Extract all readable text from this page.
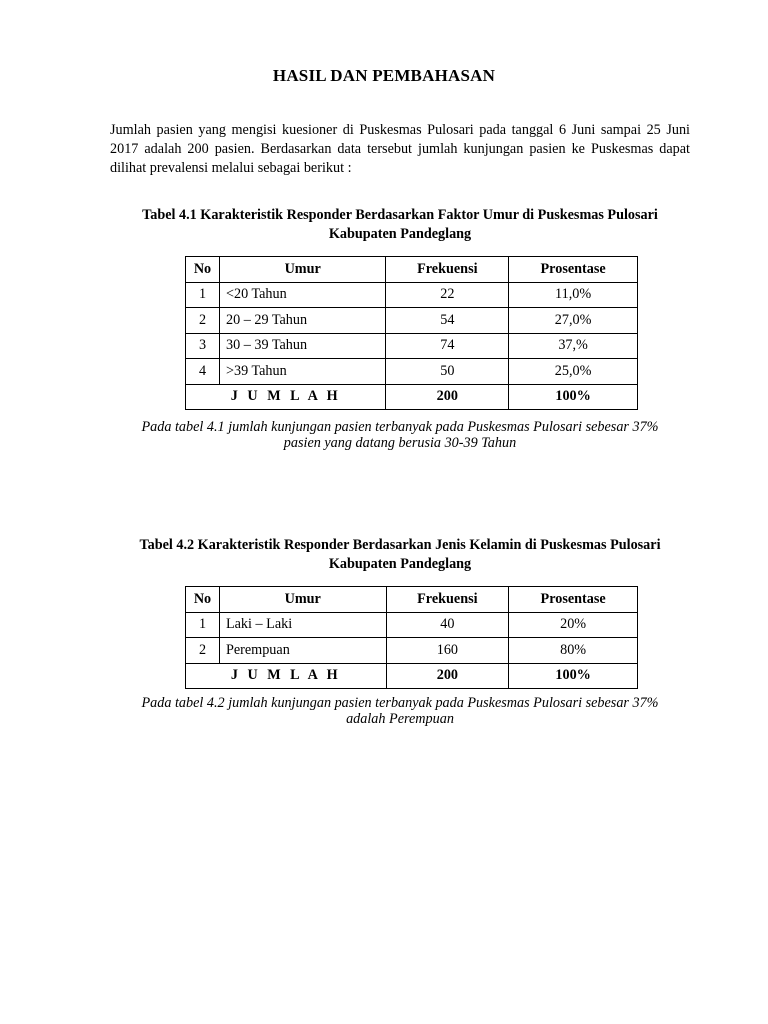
HASIL DAN PEMBAHASAN
Jumlah pasien yang mengisi kuesioner di Puskesmas Pulosari pada tanggal 6 Juni sampai 25 Juni 2017 adalah 200 pasien. Berdasarkan data tersebut jumlah kunjungan pasien ke Puskesmas dapat dilihat prevalensi melalui sebagai berikut :
Tabel 4.1 Karakteristik Responder Berdasarkan Faktor Umur di Puskesmas Pulosari
Kabupaten Pandeglang
No	Umur	Frekuensi	Prosentase
1	<20 Tahun	22	11,0%
2	20 – 29 Tahun	54	27,0%
3	30 – 39 Tahun	74	37,%
4	>39 Tahun	50	25,0%
J U M L A H		200	100%
Pada tabel 4.1 jumlah kunjungan pasien terbanyak pada Puskesmas Pulosari sebesar 37%
pasien yang datang berusia 30-39 Tahun
Tabel 4.2 Karakteristik Responder Berdasarkan Jenis Kelamin di Puskesmas Pulosari
Kabupaten Pandeglang
No	Umur	Frekuensi	Prosentase
1	Laki – Laki	40	20%
2	Perempuan	160	80%
J U M L A H		200	100%
Pada tabel 4.2 jumlah kunjungan pasien terbanyak pada Puskesmas Pulosari sebesar 37%
adalah Perempuan
